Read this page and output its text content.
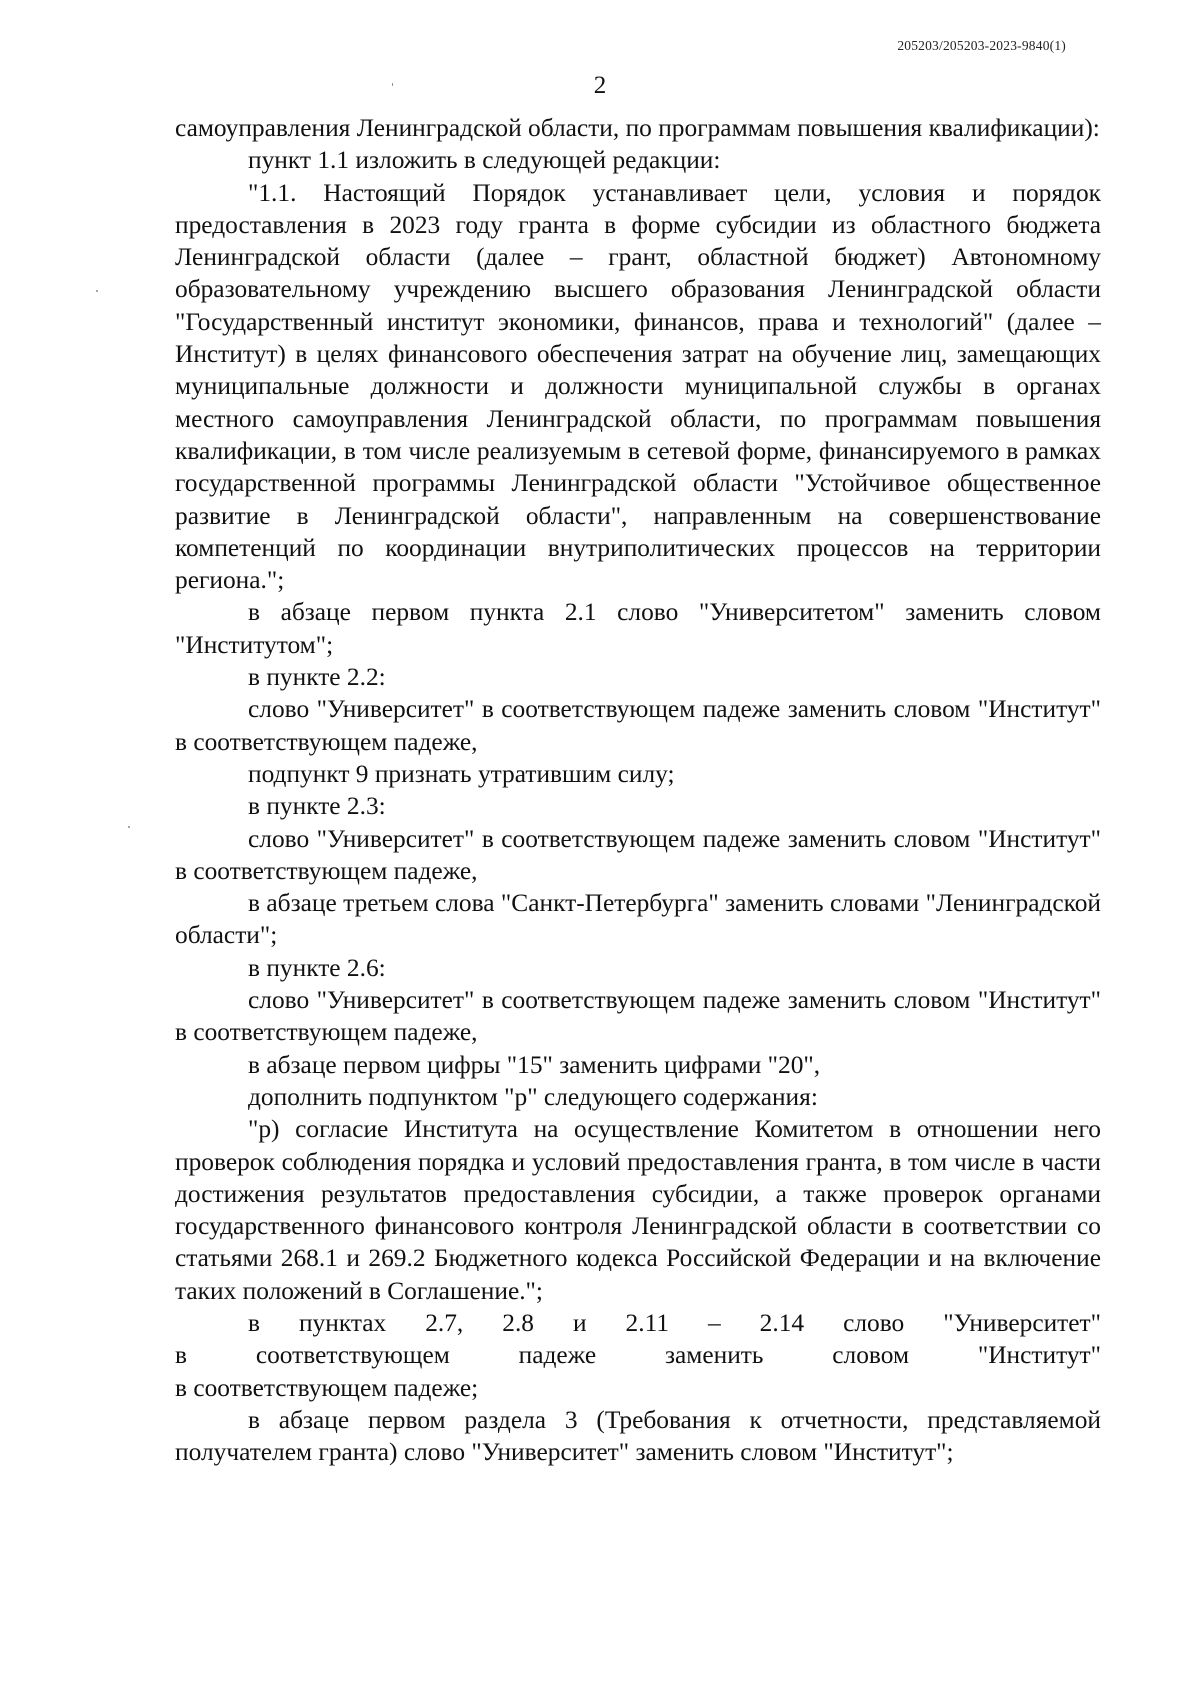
205203/205203-2023-9840(1)
2

самоуправления Ленинградской области, по программам повышения квалификации):

пункт 1.1 изложить в следующей редакции:

"1.1. Настоящий Порядок устанавливает цели, условия и порядок предоставления в 2023 году гранта в форме субсидии из областного бюджета Ленинградской области (далее – грант, областной бюджет) Автономному образовательному учреждению высшего образования Ленинградской области "Государственный институт экономики, финансов, права и технологий" (далее – Институт) в целях финансового обеспечения затрат на обучение лиц, замещающих муниципальные должности и должности муниципальной службы в органах местного самоуправления Ленинградской области, по программам повышения квалификации, в том числе реализуемым в сетевой форме, финансируемого в рамках государственной программы Ленинградской области "Устойчивое общественное развитие в Ленинградской области", направленным на совершенствование компетенций по координации внутриполитических процессов на территории региона.";

в абзаце первом пункта 2.1 слово "Университетом" заменить словом "Институтом";

в пункте 2.2:

слово "Университет" в соответствующем падеже заменить словом "Институт" в соответствующем падеже,

подпункт 9 признать утратившим силу;

в пункте 2.3:

слово "Университет" в соответствующем падеже заменить словом "Институт" в соответствующем падеже,

в абзаце третьем слова "Санкт-Петербурга" заменить словами "Ленинградской области";

в пункте 2.6:

слово "Университет" в соответствующем падеже заменить словом "Институт" в соответствующем падеже,

в абзаце первом цифры "15" заменить цифрами "20",

дополнить подпунктом "р" следующего содержания:

"р) согласие Института на осуществление Комитетом в отношении него проверок соблюдения порядка и условий предоставления гранта, в том числе в части достижения результатов предоставления субсидии, а также проверок органами государственного финансового контроля Ленинградской области в соответствии со статьями 268.1 и 269.2 Бюджетного кодекса Российской Федерации и на включение таких положений в Соглашение.";

в пунктах 2.7, 2.8 и 2.11 – 2.14 слово "Университет"

в соответствующем падеже заменить словом "Институт"

в соответствующем падеже;

в абзаце первом раздела 3 (Требования к отчетности, представляемой получателем гранта) слово "Университет" заменить словом "Институт";
